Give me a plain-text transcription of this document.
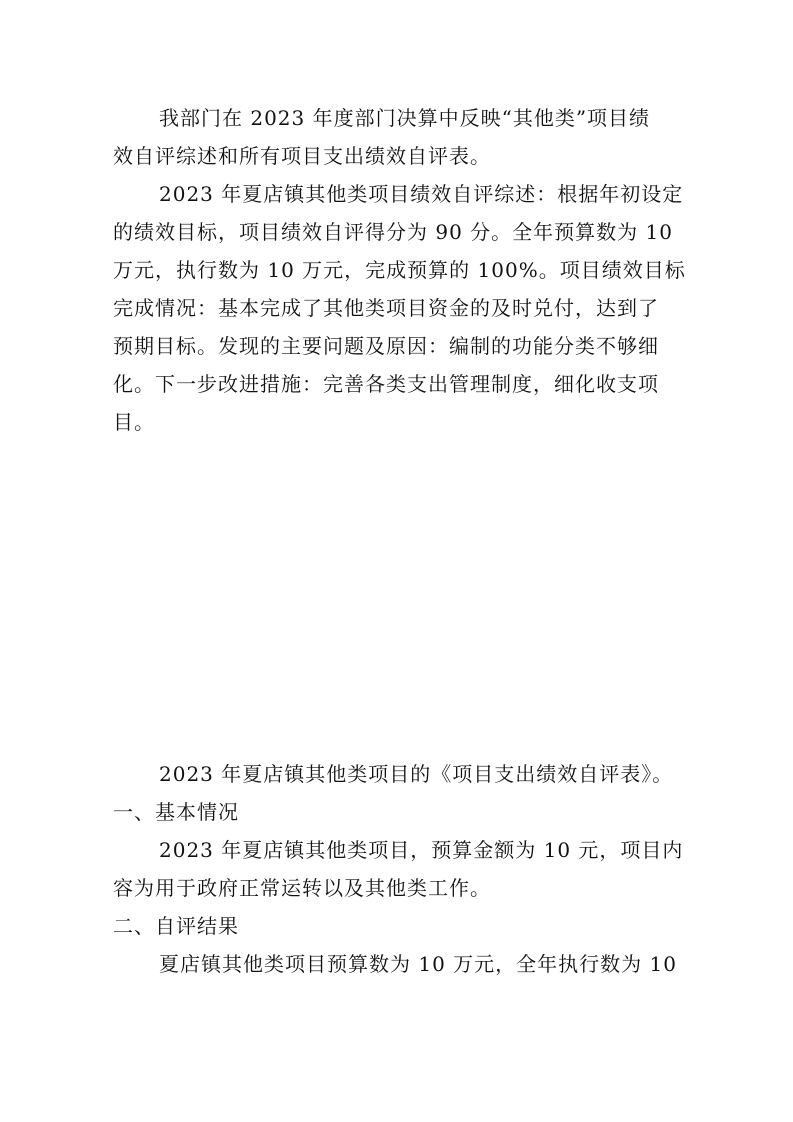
我部门在 2023 年度部门决算中反映“其他类”项目绩
效自评综述和所有项目支出绩效自评表。
2023 年夏店镇其他类项目绩效自评综述：根据年初设定
的绩效目标，项目绩效自评得分为 90 分。全年预算数为 10
万元，执行数为 10 万元，完成预算的 100%。项目绩效目标
完成情况：基本完成了其他类项目资金的及时兑付，达到了
预期目标。发现的主要问题及原因：编制的功能分类不够细
化。下一步改进措施：完善各类支出管理制度，细化收支项
目。
2023 年夏店镇其他类项目的《项目支出绩效自评表》。
一、基本情况
2023 年夏店镇其他类项目，预算金额为 10 元，项目内
容为用于政府正常运转以及其他类工作。
二、自评结果
夏店镇其他类项目预算数为 10 万元，全年执行数为 10
